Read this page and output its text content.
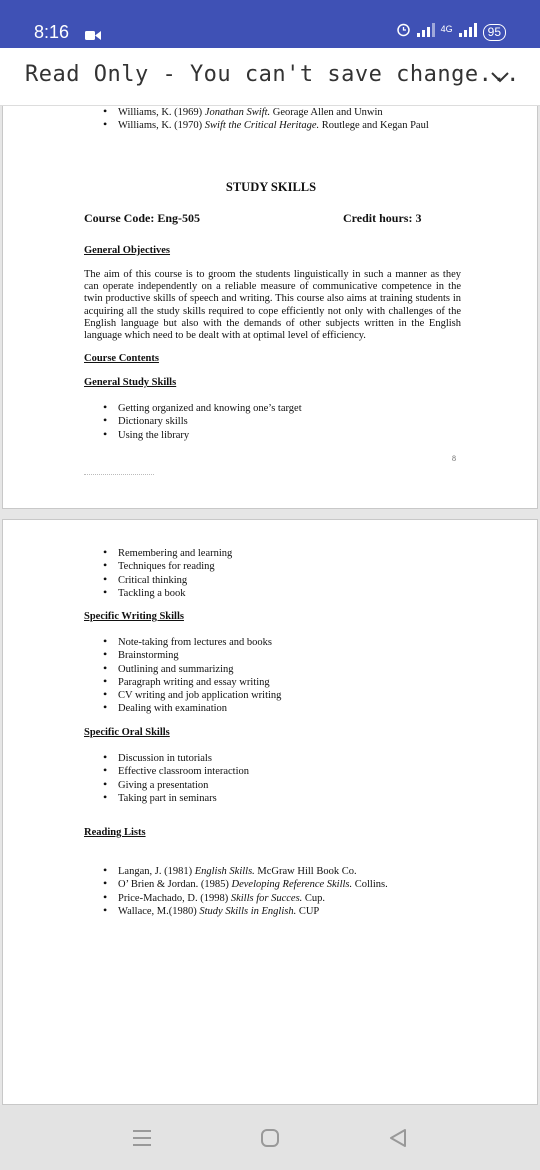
8:16	4G	95
Read Only - You can't save change...
• Williams, K. (1969) Jonathan Swift. Georage Allen and Unwin
• Williams, K. (1970) Swift the Critical Heritage. Routlege and Kegan Paul
STUDY SKILLS
Course Code: Eng-505	Credit hours: 3
General Objectives
The aim of this course is to groom the students linguistically in such a manner as they can operate independently on a reliable measure of communicative competence in the twin productive skills of speech and writing. This course also aims at training students in acquiring all the study skills required to cope efficiently not only with challenges of the English language but also with the demands of other subjects written in the English language which need to be dealt with at optimal level of efficiency.
Course Contents
General Study Skills
• Getting organized and knowing one’s target
• Dictionary skills
• Using the library
8
• Remembering and learning
• Techniques for reading
• Critical thinking
• Tackling a book
Specific Writing Skills
• Note-taking from lectures and books
• Brainstorming
• Outlining and summarizing
• Paragraph writing and essay writing
• CV writing and job application writing
• Dealing with examination
Specific Oral Skills
• Discussion in tutorials
• Effective classroom interaction
• Giving a presentation
• Taking part in seminars
Reading Lists
• Langan, J. (1981) English Skills. McGraw Hill Book Co.
• O’ Brien & Jordan. (1985) Developing Reference Skills. Collins.
• Price-Machado, D. (1998) Skills for Succes. Cup.
• Wallace, M.(1980) Study Skills in English. CUP
